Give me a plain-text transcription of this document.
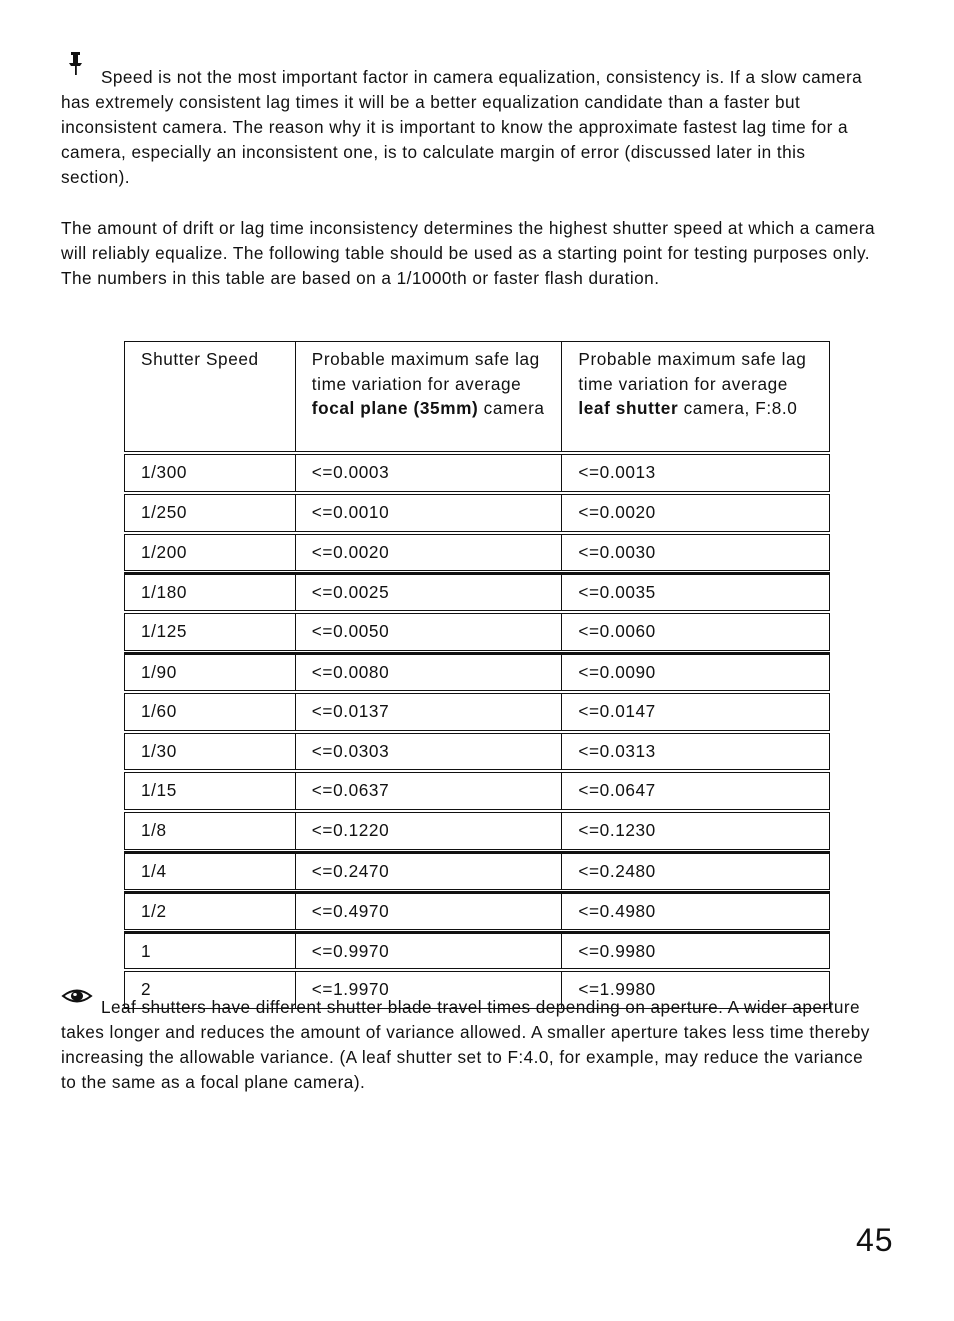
Speed is not the most important factor in camera equalization, consistency is. If a slow camera has extremely consistent lag times it will be a better equalization candidate than a faster but inconsistent camera. The reason why it is important to know the approximate fastest lag time for a camera, especially an inconsistent one, is to calculate margin of error (discussed later in this section).

The amount of drift or lag time inconsistency determines the highest shutter speed at which a camera will reliably equalize. The following table should be used as a starting point for testing purposes only. The numbers in this table are based on a 1/1000th or faster flash duration.

Shutter Speed	Probable maximum safe lag time variation for average focal plane (35mm) camera	Probable maximum safe lag time variation for average leaf shutter camera, F:8.0

1/300	<=0.0003	<=0.0013

1/250	<=0.0010	<=0.0020

1/200	<=0.0020	<=0.0030

1/180	<=0.0025	<=0.0035

1/125	<=0.0050	<=0.0060

1/90	<=0.0080	<=0.0090

1/60	<=0.0137	<=0.0147

1/30	<=0.0303	<=0.0313

1/15	<=0.0637	<=0.0647

1/8	<=0.1220	<=0.1230

1/4	<=0.2470	<=0.2480

1/2	<=0.4970	<=0.4980

1	<=0.9970	<=0.9980

2	<=1.9970	<=1.9980

Leaf shutters have different shutter blade travel times depending on aperture. A wider aperture takes longer and reduces the amount of variance allowed. A smaller aperture takes less time thereby increasing the allowable variance. (A leaf shutter set to F:4.0, for example, may reduce the variance to the same as a focal plane camera).

45
